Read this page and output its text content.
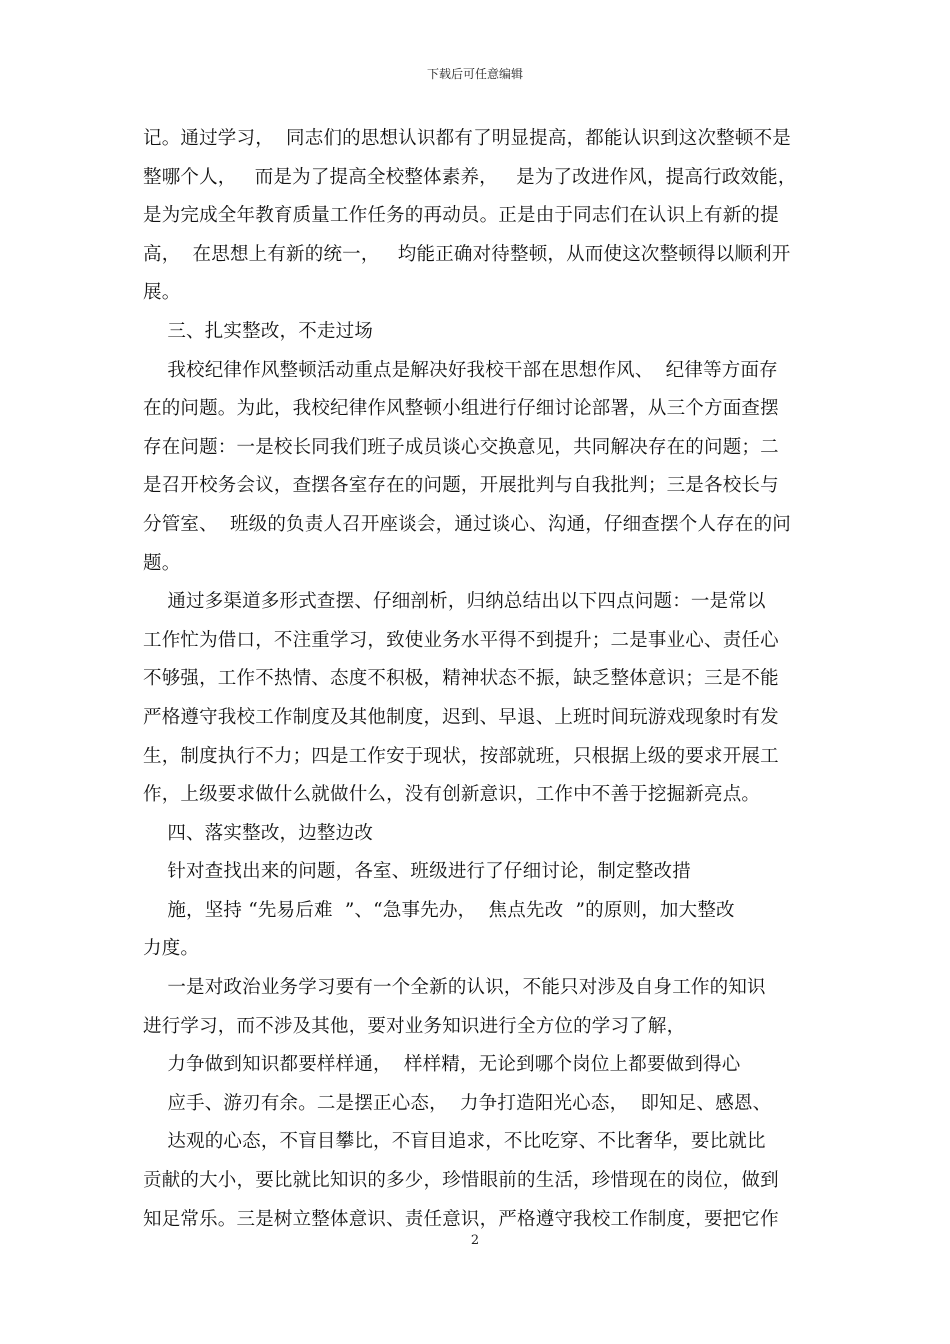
下载后可任意编辑
记。通过学习，  同志们的思想认识都有了明显提高，都能认识到这次整顿不是
整哪个人，   而是为了提高全校整体素养，   是为了改进作风，提高行政效能，
是为完成全年教育质量工作任务的再动员。正是由于同志们在认识上有新的提
高，  在思想上有新的统一，   均能正确对待整顿，从而使这次整顿得以顺利开
展。
三、扎实整改，不走过场
我校纪律作风整顿活动重点是解决好我校干部在思想作风、  纪律等方面存
在的问题。为此，我校纪律作风整顿小组进行仔细讨论部署，从三个方面查摆
存在问题：一是校长同我们班子成员谈心交换意见，共同解决存在的问题；二
是召开校务会议，查摆各室存在的问题，开展批判与自我批判；三是各校长与
分管室、  班级的负责人召开座谈会，通过谈心、沟通，仔细查摆个人存在的问
题。
通过多渠道多形式查摆、仔细剖析，归纳总结出以下四点问题：一是常以
工作忙为借口，不注重学习，致使业务水平得不到提升；二是事业心、责任心
不够强，工作不热情、态度不积极，精神状态不振，缺乏整体意识；三是不能
严格遵守我校工作制度及其他制度，迟到、早退、上班时间玩游戏现象时有发
生，制度执行不力；四是工作安于现状，按部就班，只根据上级的要求开展工
作，上级要求做什么就做什么，没有创新意识，工作中不善于挖掘新亮点。
四、落实整改，边整边改
针对查找出来的问题，各室、班级进行了仔细讨论，制定整改措
施，坚持 “先易后难  ”、“急事先办，  焦点先改  ”的原则，加大整改
力度。
一是对政治业务学习要有一个全新的认识，不能只对涉及自身工作的知识
进行学习，而不涉及其他，要对业务知识进行全方位的学习了解，
力争做到知识都要样样通，  样样精，无论到哪个岗位上都要做到得心
应手、游刃有余。二是摆正心态，  力争打造阳光心态，  即知足、感恩、
达观的心态，不盲目攀比，不盲目追求，不比吃穿、不比奢华，要比就比
贡献的大小，要比就比知识的多少，珍惜眼前的生活，珍惜现在的岗位，做到
知足常乐。三是树立整体意识、责任意识，严格遵守我校工作制度，要把它作
2
